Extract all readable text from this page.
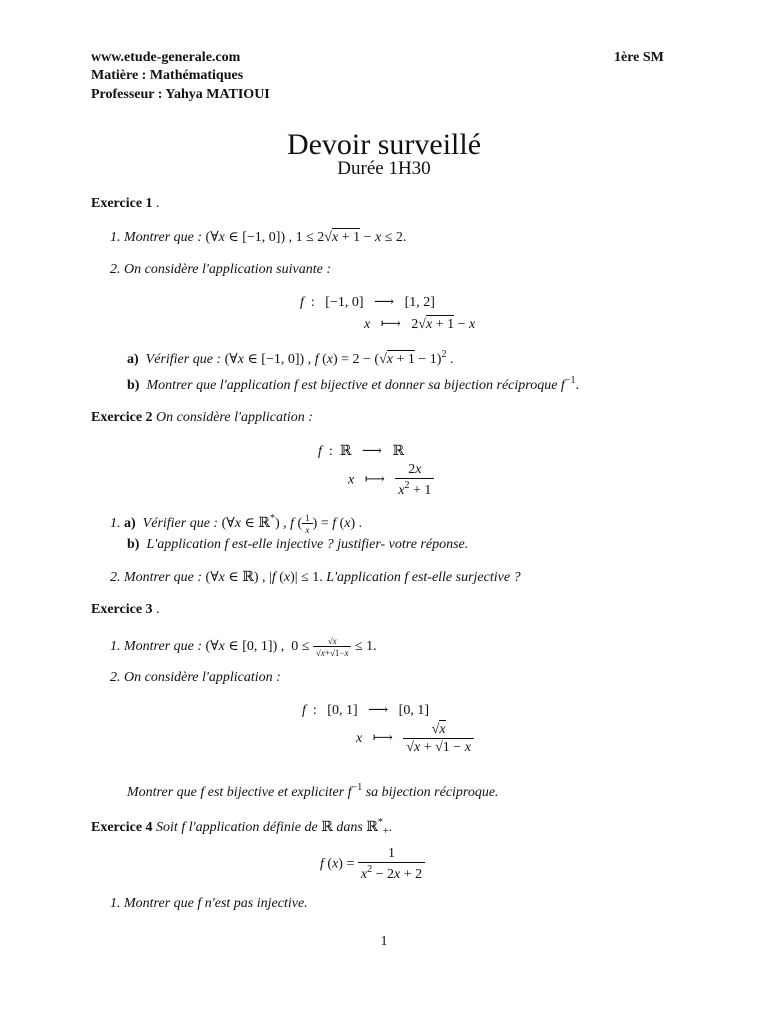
www.etude-generale.com	1ère SM
Matière : Mathématiques
Professeur : Yahya MATIOUI
Devoir surveillé
Durée 1H30
Exercice 1 .
1. Montrer que : (∀x ∈ [−1, 0]) , 1 ≤ 2√x + 1 − x ≤ 2.
2. On considère l'application suivante :
f  :   [−1, 0]   ⟶   [1, 2]
x   ⟼   2√x + 1 − x
a) Vérifier que : (∀x ∈ [−1, 0]) , f $(x) = 2 - (√x + 1 - 1)^2$ .
b) Montrer que l'application f est bijective et donner sa bijection réciproque $f^{-1}$.
Exercice 2 On considère l'application :
f  :  ℝ   ⟶   ℝ
x   ⟼ $\frac{2x}{x^2 + 1}$
1. a) Vérifier que : (∀x ∈ ℝ*) , f ( $\frac{1}{x}$ ) = f (x) .
b) L'application f est-elle injective ? justifier- votre réponse.
2. Montrer que : (∀x ∈ ℝ) , |f (x)| ≤ 1. L'application f est-elle surjective ?
Exercice 3 .
1. Montrer que : (∀x ∈ [0, 1]) ,  $0 \le \frac{√x}{√x+√1-x} \le 1$.
2. On considère l'application :
f  :   [0, 1]   ⟶   [0, 1]
x   ⟼ $\frac{√x}{√x + √1 - x}$
Montrer que f est bijective et expliciter $f^{-1}$ sa bijection réciproque.
Exercice 4 Soit f l'application définie de ℝ dans ℝ*$_+$.
f $(x) = \frac{1}{x^2 - 2x + 2}$
1. Montrer que f n'est pas injective.
1
